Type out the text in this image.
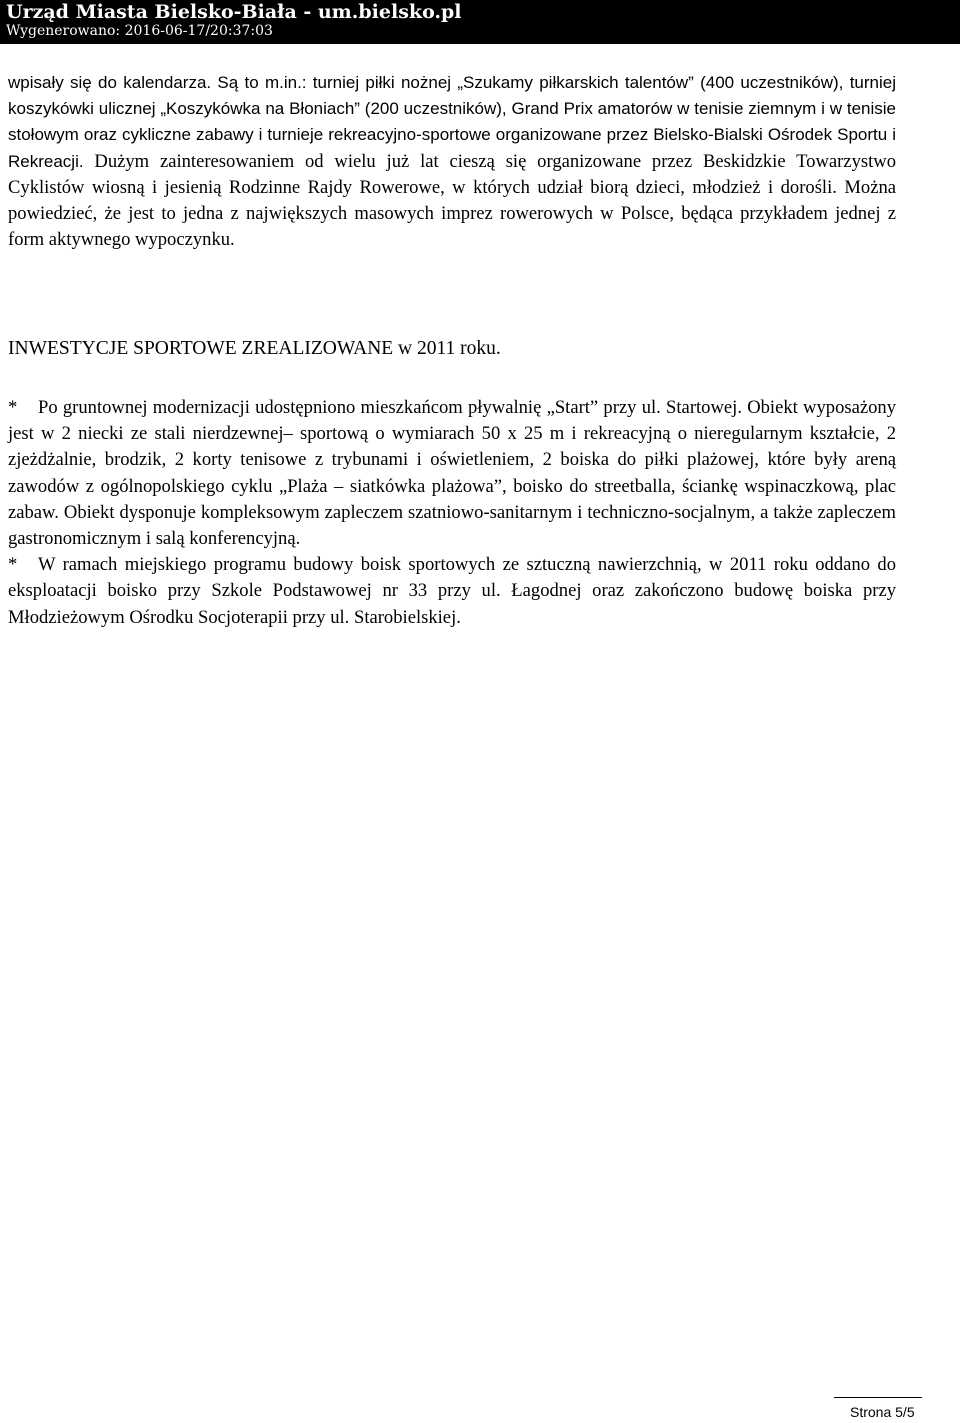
Urząd Miasta Bielsko-Biała - um.bielsko.pl
Wygenerowano: 2016-06-17/20:37:03

wpisały się do kalendarza. Są to m.in.: turniej piłki nożnej „Szukamy piłkarskich talentów” (400 uczestników), turniej koszykówki ulicznej „Koszykówka na Błoniach” (200 uczestników), Grand Prix amatorów w tenisie ziemnym i w tenisie stołowym oraz cykliczne zabawy i turnieje rekreacyjno-sportowe organizowane przez Bielsko-Bialski Ośrodek Sportu i Rekreacji. Dużym zainteresowaniem od wielu już lat cieszą się organizowane przez Beskidzkie Towarzystwo Cyklistów wiosną i jesienią Rodzinne Rajdy Rowerowe, w których udział biorą dzieci, młodzież i dorośli. Można powiedzieć, że jest to jedna z największych masowych imprez rowerowych w Polsce, będąca przykładem jednej z form aktywnego wypoczynku.

INWESTYCJE SPORTOWE ZREALIZOWANE w 2011 roku.

* Po gruntownej modernizacji udostępniono mieszkańcom pływalnię „Start” przy ul. Startowej. Obiekt wyposażony jest w 2 niecki ze stali nierdzewnej– sportową o wymiarach 50 x 25 m i rekreacyjną o nieregularnym kształcie, 2 zjeżdżalnie, brodzik, 2 korty tenisowe z trybunami i oświetleniem, 2 boiska do piłki plażowej, które były areną zawodów z ogólnopolskiego cyklu „Plaża – siatkówka plażowa”, boisko do streetballa, ściankę wspinaczkową, plac zabaw. Obiekt dysponuje kompleksowym zapleczem szatniowo-sanitarnym i techniczno-socjalnym, a także zapleczem gastronomicznym i salą konferencyjną.

* W ramach miejskiego programu budowy boisk sportowych ze sztuczną nawierzchnią, w 2011 roku oddano do eksploatacji boisko przy Szkole Podstawowej nr 33 przy ul. Łagodnej oraz zakończono budowę boiska przy Młodzieżowym Ośrodku Socjoterapii przy ul. Starobielskiej.

Strona 5/5
